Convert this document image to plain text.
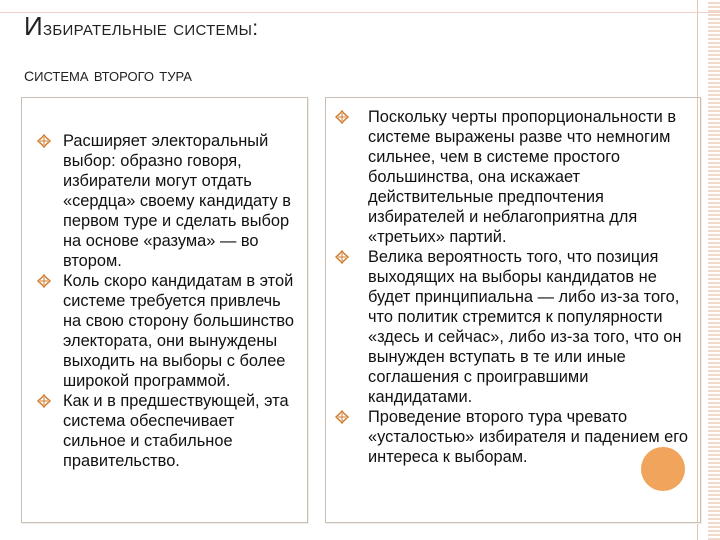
Избирательные системы:
система второго тура
Расширяет электоральный выбор: образно говоря, избиратели могут отдать «сердца» своему кандидату в первом туре и сделать выбор на основе «разума» — во втором.
Коль скоро кандидатам в этой системе требуется привлечь на свою сторону большинство электората, они вынуждены выходить на выборы с более широкой программой.
Как и в предшествующей, эта система обеспечивает сильное и стабильное правительство.
Поскольку черты пропорциональности в системе выражены разве что немногим сильнее, чем в системе простого большинства, она искажает действительные предпочтения избирателей и неблагоприятна для «третьих» партий.
Велика вероятность того, что позиция выходящих на выборы кандидатов не будет принципиальна — либо из-за того, что политик стремится к популярности «здесь и сейчас», либо из-за того, что он вынужден вступать в те или иные соглашения с проигравшими кандидатами.
Проведение второго тура чревато «усталостью» избирателя и падением его интереса к выборам.
